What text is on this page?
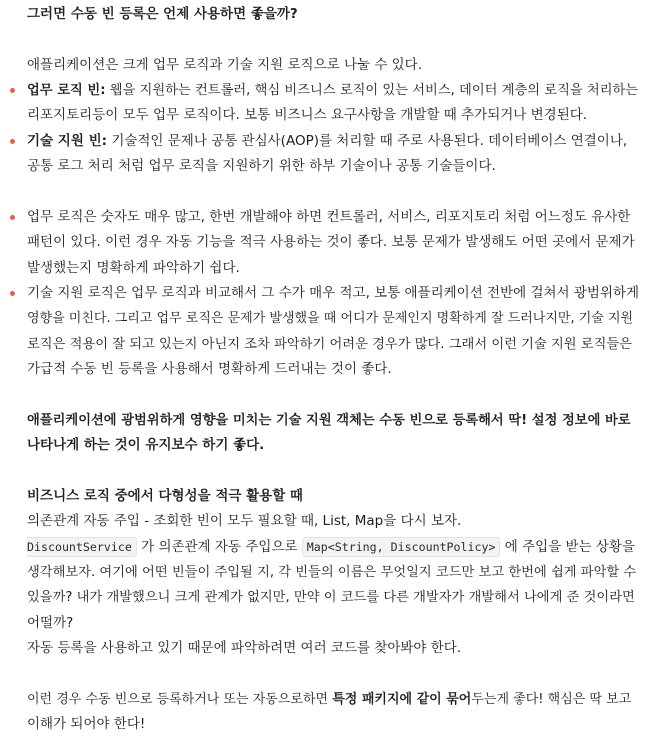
그러면 수동 빈 등록은 언제 사용하면 좋을까?
애플리케이션은 크게 업무 로직과 기술 지원 로직으로 나눌 수 있다.
업무 로직 빈: 웹을 지원하는 컨트롤러, 핵심 비즈니스 로직이 있는 서비스, 데이터 계층의 로직을 처리하는
리포지토리등이 모두 업무 로직이다. 보통 비즈니스 요구사항을 개발할 때 추가되거나 변경된다.
기술 지원 빈: 기술적인 문제나 공통 관심사(AOP)를 처리할 때 주로 사용된다. 데이터베이스 연결이나,
공통 로그 처리 처럼 업무 로직을 지원하기 위한 하부 기술이나 공통 기술들이다.
업무 로직은 숫자도 매우 많고, 한번 개발해야 하면 컨트롤러, 서비스, 리포지토리 처럼 어느정도 유사한
패턴이 있다. 이런 경우 자동 기능을 적극 사용하는 것이 좋다. 보통 문제가 발생해도 어떤 곳에서 문제가
발생했는지 명확하게 파악하기 쉽다.
기술 지원 로직은 업무 로직과 비교해서 그 수가 매우 적고, 보통 애플리케이션 전반에 걸쳐서 광범위하게
영향을 미친다. 그리고 업무 로직은 문제가 발생했을 때 어디가 문제인지 명확하게 잘 드러나지만, 기술 지원
로직은 적용이 잘 되고 있는지 아닌지 조차 파악하기 어려운 경우가 많다. 그래서 이런 기술 지원 로직들은
가급적 수동 빈 등록을 사용해서 명확하게 드러내는 것이 좋다.
애플리케이션에 광범위하게 영향을 미치는 기술 지원 객체는 수동 빈으로 등록해서 딱! 설정 정보에 바로
나타나게 하는 것이 유지보수 하기 좋다.
비즈니스 로직 중에서 다형성을 적극 활용할 때
의존관계 자동 주입 - 조회한 빈이 모두 필요할 때, List, Map을 다시 보자.
DiscountService 가 의존관계 자동 주입으로 Map<String, DiscountPolicy> 에 주입을 받는 상황을
생각해보자. 여기에 어떤 빈들이 주입될 지, 각 빈들의 이름은 무엇일지 코드만 보고 한번에 쉽게 파악할 수
있을까? 내가 개발했으니 크게 관계가 없지만, 만약 이 코드를 다른 개발자가 개발해서 나에게 준 것이라면
어떨까?
자동 등록을 사용하고 있기 때문에 파악하려면 여러 코드를 찾아봐야 한다.
이런 경우 수동 빈으로 등록하거나 또는 자동으로하면 특정 패키지에 같이 묶어두는게 좋다! 핵심은 딱 보고
이해가 되어야 한다!
